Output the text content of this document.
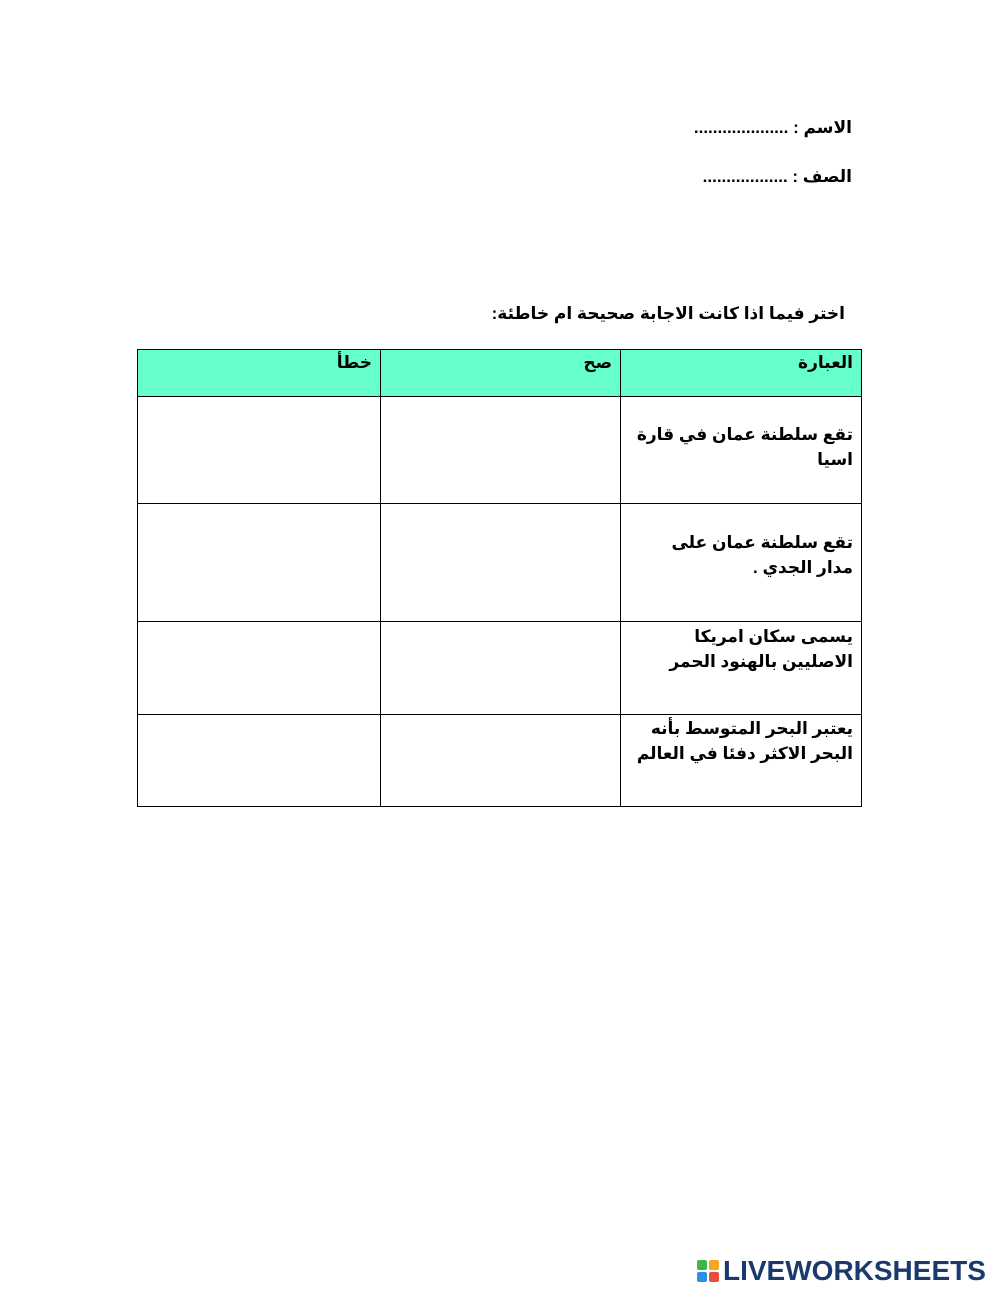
الاسم : ....................
الصف : ..................
اختر فيما اذا كانت الاجابة صحيحة ام خاطئة:
العبارة	صح	خطأ

تقع سلطنة عمان في قارة اسيا		
تقع سلطنة عمان على مدار الجدي .		
يسمى سكان امريكا الاصليين بالهنود الحمر		
يعتبر البحر المتوسط بأنه البحر الاكثر دفئا في العالم		
LIVEWORKSHEETS
